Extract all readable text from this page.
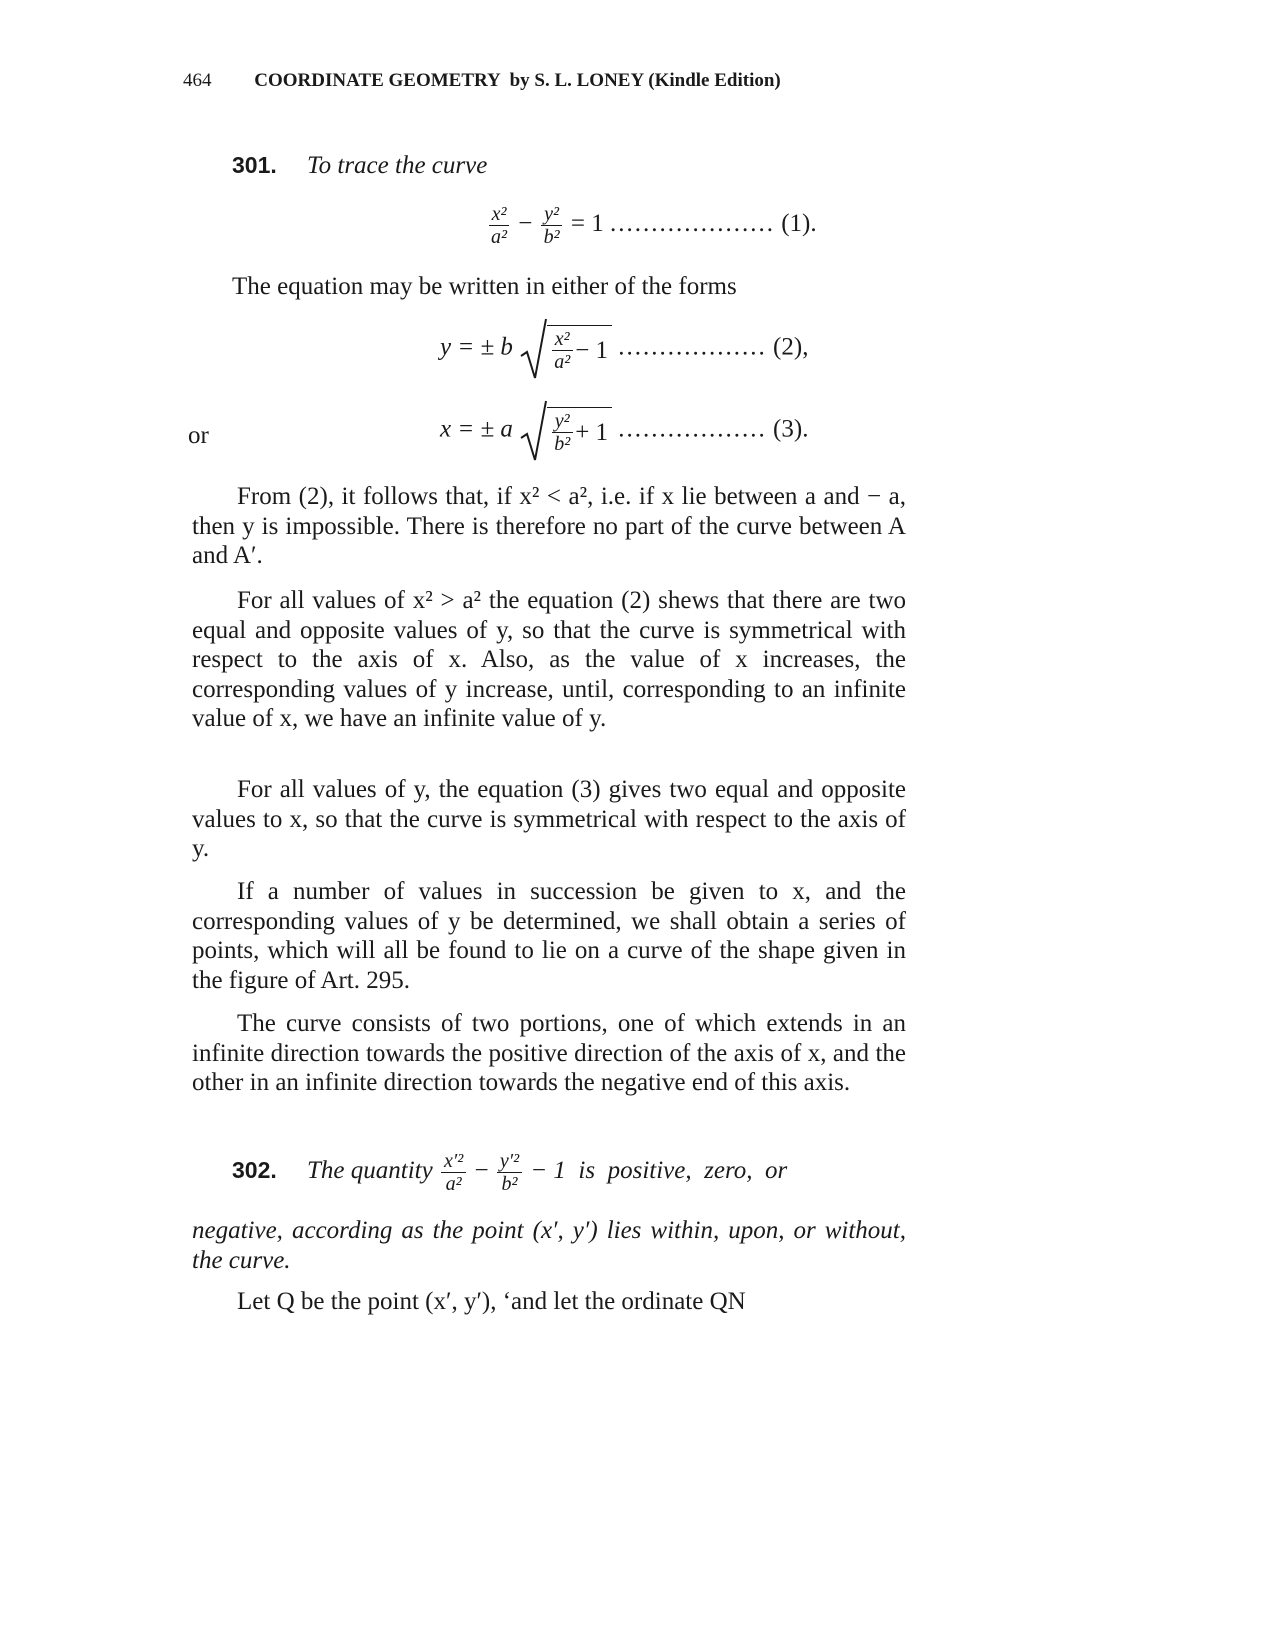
464 COORDINATE GEOMETRY  by S. L. LONEY (Kindle Edition)
301. To trace the curve
$\frac{\text{x²}}{\text{a²}} - \frac{\text{y²}}{\text{b²}} = 1$ .................... (1).
The equation may be written in either of the forms
y = ± b $\frac{\text{x²}}{\text{a²}} - 1$ .................. (2),
or	x = ± a $\frac{\text{y²}}{\text{b²}} + 1$ .................. (3).

From (2), it follows that, if x² < a², i.e. if x lie between a and − a, then y is impossible. There is therefore no part of the curve between A and A′.

For all values of x² > a² the equation (2) shews that there are two equal and opposite values of y, so that the curve is symmetrical with respect to the axis of x. Also, as the value of x increases, the corresponding values of y increase, until, corresponding to an infinite value of x, we have an infinite value of y.

For all values of y, the equation (3) gives two equal and opposite values to x, so that the curve is symmetrical with respect to the axis of y.

If a number of values in succession be given to x, and the corresponding values of y be determined, we shall obtain a series of points, which will all be found to lie on a curve of the shape given in the figure of Art. 295.

The curve consists of two portions, one of which extends in an infinite direction towards the positive direction of the axis of x, and the other in an infinite direction towards the negative end of this axis.

302. The quantity $\frac{\text{x′²}}{\text{a²}} - \frac{\text{y′²}}{\text{b²}} - 1$  is  positive,  zero,  or

negative, according as the point (x′, y′) lies within, upon, or without, the curve.

Let Q be the point (x′, y′), ‘and let the ordinate QN
